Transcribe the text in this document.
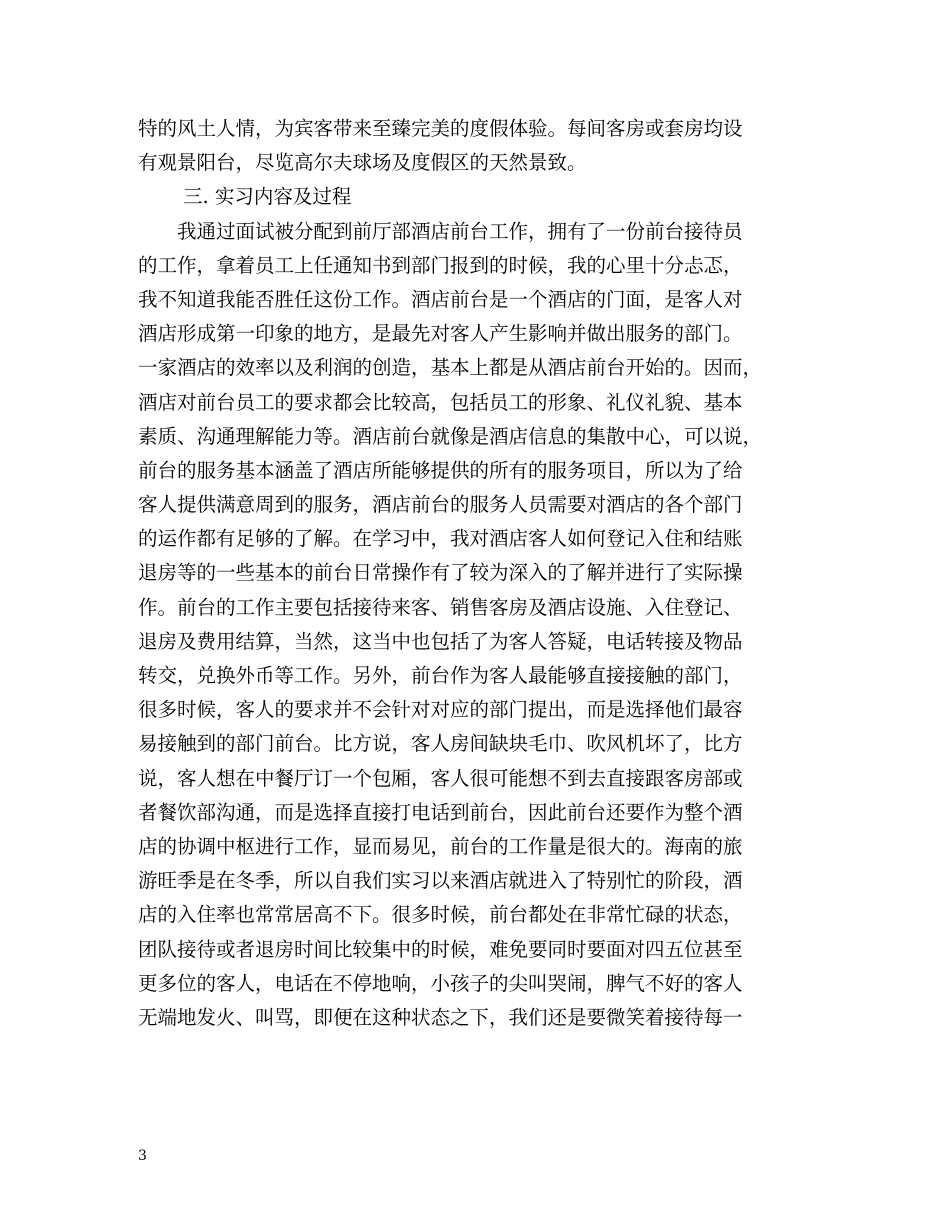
特的风土人情，为宾客带来至臻完美的度假体验。每间客房或套房均设
有观景阳台，尽览高尔夫球场及度假区的天然景致。
三. 实习内容及过程
我通过面试被分配到前厅部酒店前台工作，拥有了一份前台接待员
的工作，拿着员工上任通知书到部门报到的时候，我的心里十分忐忑，
我不知道我能否胜任这份工作。酒店前台是一个酒店的门面，是客人对
酒店形成第一印象的地方，是最先对客人产生影响并做出服务的部门。
一家酒店的效率以及利润的创造，基本上都是从酒店前台开始的。因而，
酒店对前台员工的要求都会比较高，包括员工的形象、礼仪礼貌、基本
素质、沟通理解能力等。酒店前台就像是酒店信息的集散中心，可以说，
前台的服务基本涵盖了酒店所能够提供的所有的服务项目，所以为了给
客人提供满意周到的服务，酒店前台的服务人员需要对酒店的各个部门
的运作都有足够的了解。在学习中，我对酒店客人如何登记入住和结账
退房等的一些基本的前台日常操作有了较为深入的了解并进行了实际操
作。前台的工作主要包括接待来客、销售客房及酒店设施、入住登记、
退房及费用结算，当然，这当中也包括了为客人答疑，电话转接及物品
转交，兑换外币等工作。另外，前台作为客人最能够直接接触的部门，
很多时候，客人的要求并不会针对对应的部门提出，而是选择他们最容
易接触到的部门前台。比方说，客人房间缺块毛巾、吹风机坏了，比方
说，客人想在中餐厅订一个包厢，客人很可能想不到去直接跟客房部或
者餐饮部沟通，而是选择直接打电话到前台，因此前台还要作为整个酒
店的协调中枢进行工作，显而易见，前台的工作量是很大的。海南的旅
游旺季是在冬季，所以自我们实习以来酒店就进入了特别忙的阶段，酒
店的入住率也常常居高不下。很多时候，前台都处在非常忙碌的状态，
团队接待或者退房时间比较集中的时候，难免要同时要面对四五位甚至
更多位的客人，电话在不停地响，小孩子的尖叫哭闹，脾气不好的客人
无端地发火、叫骂，即便在这种状态之下，我们还是要微笑着接待每一
3
